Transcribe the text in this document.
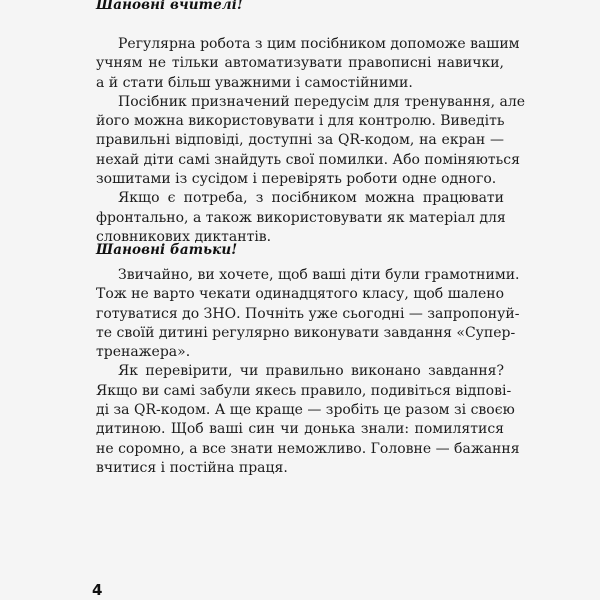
Шановні вчителі!

Регулярна робота з цим посібником допоможе вашим
учням не тільки автоматизувати правописні навички,
а й стати більш уважними і самостійними.

Посібник призначений передусім для тренування, але
його можна використовувати і для контролю. Виведіть
правильні відповіді, доступні за QR-кодом, на екран —
нехай діти самі знайдуть свої помилки. Або поміняються
зошитами із сусідом і перевірять роботи одне одного.

Якщо є потреба, з посібником можна працювати
фронтально, а також використовувати як матеріал для
словникових диктантів.

Шановні батьки!

Звичайно, ви хочете, щоб ваші діти були грамотними.
Тож не варто чекати одинадцятого класу, щоб шалено
готуватися до ЗНО. Почніть уже сьогодні — запропонуй-
те своїй дитині регулярно виконувати завдання «Супер-
тренажера».

Як перевірити, чи правильно виконано завдання?
Якщо ви самі забули якесь правило, подивіться відпові-
ді за QR-кодом. А ще краще — зробіть це разом зі своєю
дитиною. Щоб ваші син чи донька знали: помилятися
не соромно, а все знати неможливо. Головне — бажання
вчитися і постійна праця.

4
